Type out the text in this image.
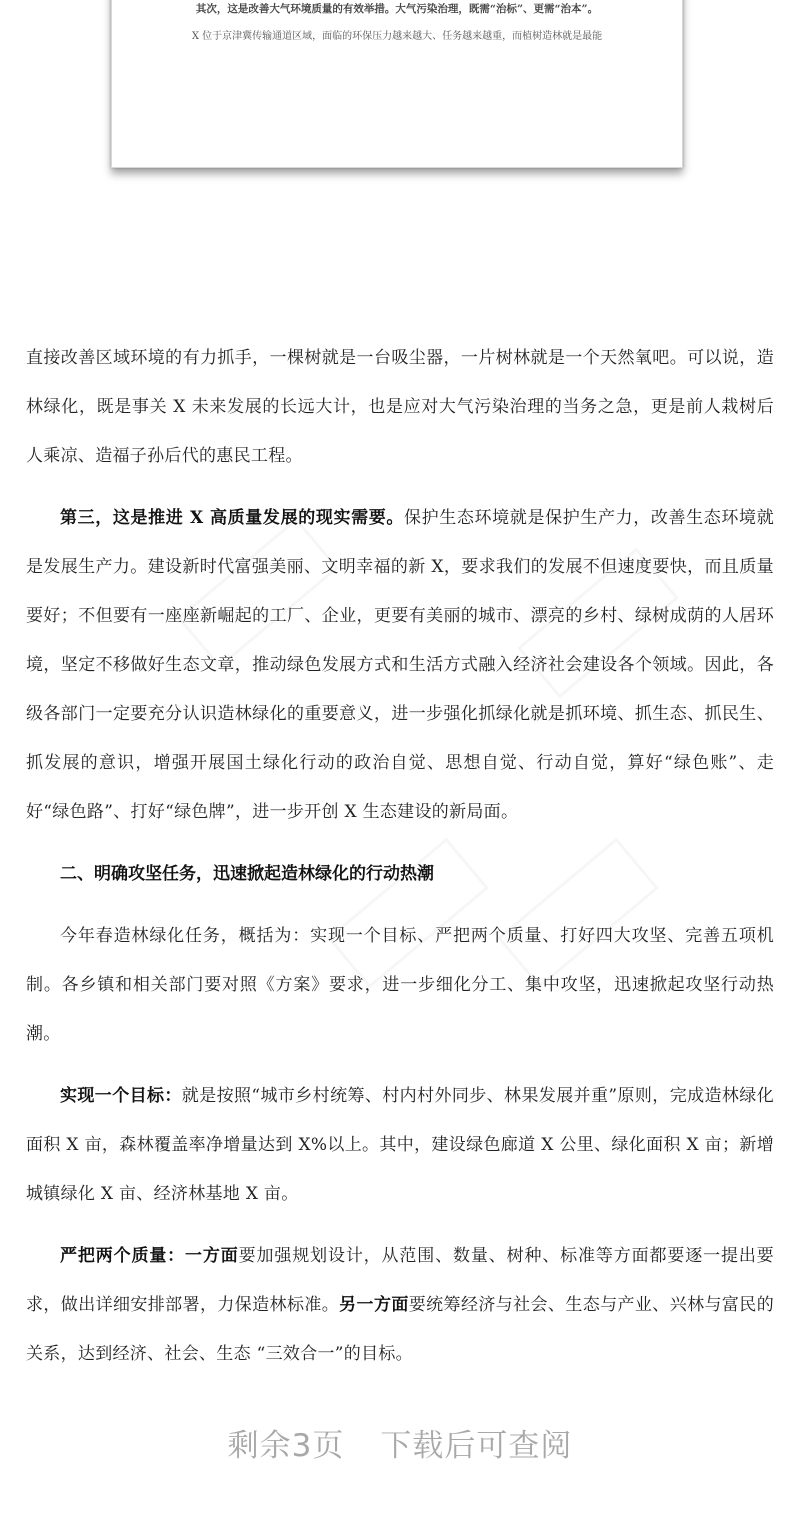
其次，这是改善大气环境质量的有效举措。大气污染治理，既需“治标”、更需“治本”。
X 位于京津冀传输通道区域，面临的环保压力越来越大、任务越来越重，而植树造林就是最能

直接改善区域环境的有力抓手，一棵树就是一台吸尘器，一片树林就是一个天然氧吧。可以说，造林绿化，既是事关 X 未来发展的长远大计，也是应对大气污染治理的当务之急，更是前人栽树后人乘凉、造福子孙后代的惠民工程。

第三，这是推进 X 高质量发展的现实需要。保护生态环境就是保护生产力，改善生态环境就是发展生产力。建设新时代富强美丽、文明幸福的新 X，要求我们的发展不但速度要快，而且质量要好；不但要有一座座新崛起的工厂、企业，更要有美丽的城市、漂亮的乡村、绿树成荫的人居环境，坚定不移做好生态文章，推动绿色发展方式和生活方式融入经济社会建设各个领域。因此，各级各部门一定要充分认识造林绿化的重要意义，进一步强化抓绿化就是抓环境、抓生态、抓民生、抓发展的意识，增强开展国土绿化行动的政治自觉、思想自觉、行动自觉，算好“绿色账”、走好“绿色路”、打好“绿色牌”，进一步开创 X 生态建设的新局面。

二、明确攻坚任务，迅速掀起造林绿化的行动热潮

今年春造林绿化任务，概括为：实现一个目标、严把两个质量、打好四大攻坚、完善五项机制。各乡镇和相关部门要对照《方案》要求，进一步细化分工、集中攻坚，迅速掀起攻坚行动热潮。

实现一个目标：就是按照“城市乡村统筹、村内村外同步、林果发展并重”原则，完成造林绿化面积 X 亩，森林覆盖率净增量达到 X%以上。其中，建设绿色廊道 X 公里、绿化面积 X 亩；新增城镇绿化 X 亩、经济林基地 X 亩。

严把两个质量：一方面要加强规划设计，从范围、数量、树种、标准等方面都要逐一提出要求，做出详细安排部署，力保造林标准。另一方面要统筹经济与社会、生态与产业、兴林与富民的关系，达到经济、社会、生态 “三效合一”的目标。

剩余3页 下载后可查阅
